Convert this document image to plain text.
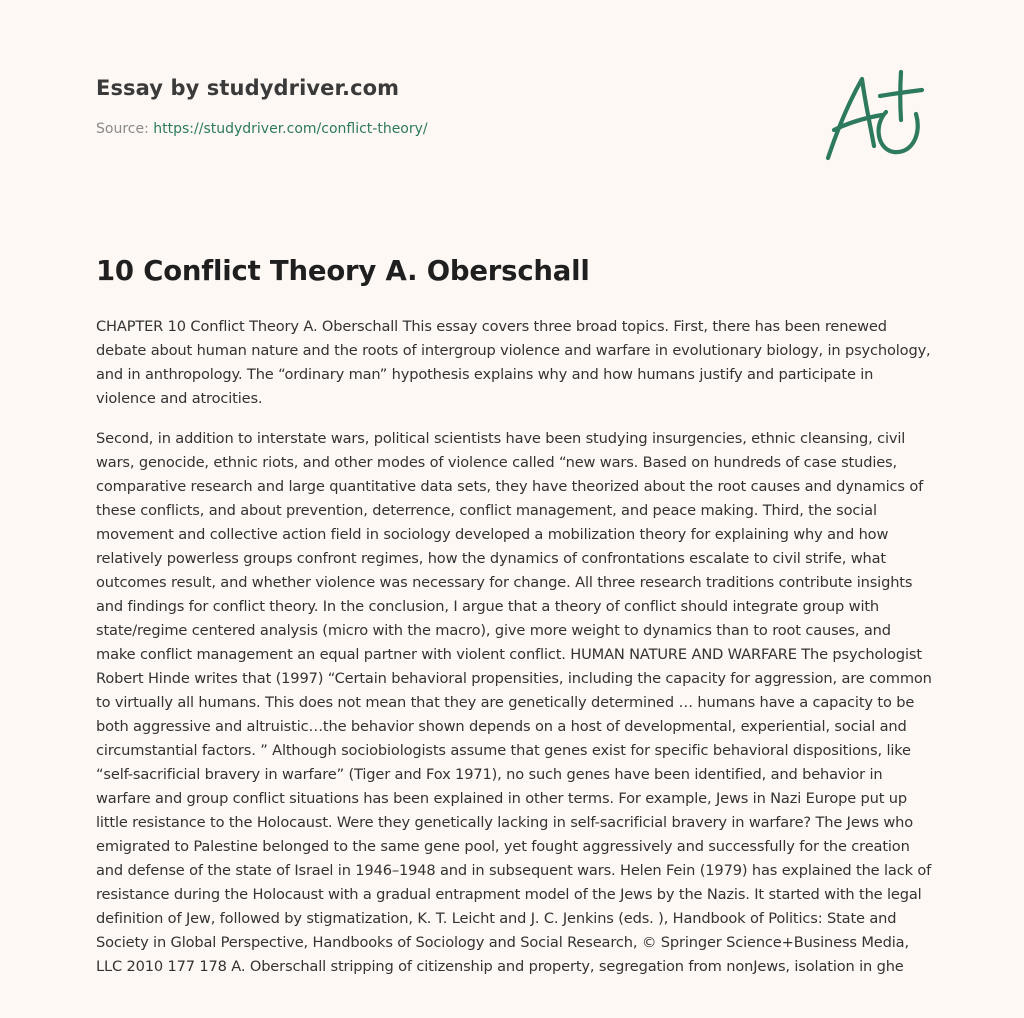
Essay by studydriver.com
Source: https://studydriver.com/conflict-theory/
10 Conflict Theory A. Oberschall

CHAPTER 10 Conflict Theory A. Oberschall This essay covers three broad topics. First, there has been renewed debate about human nature and the roots of intergroup violence and warfare in evolutionary biology, in psychology, and in anthropology. The “ordinary man” hypothesis explains why and how humans justify and participate in violence and atrocities.

Second, in addition to interstate wars, political scientists have been studying insurgencies, ethnic cleansing, civil wars, genocide, ethnic riots, and other modes of violence called “new wars. Based on hundreds of case studies, comparative research and large quantitative data sets, they have theorized about the root causes and dynamics of these conflicts, and about prevention, deterrence, conflict management, and peace making. Third, the social movement and collective action field in sociology developed a mobilization theory for explaining why and how relatively powerless groups confront regimes, how the dynamics of confrontations escalate to civil strife, what outcomes result, and whether violence was necessary for change. All three research traditions contribute insights and findings for conflict theory. In the conclusion, I argue that a theory of conflict should integrate group with state/regime centered analysis (micro with the macro), give more weight to dynamics than to root causes, and make conflict management an equal partner with violent conflict. HUMAN NATURE AND WARFARE The psychologist Robert Hinde writes that (1997) “Certain behavioral propensities, including the capacity for aggression, are common to virtually all humans. This does not mean that they are genetically determined … humans have a capacity to be both aggressive and altruistic…the behavior shown depends on a host of developmental, experiential, social and circumstantial factors. ” Although sociobiologists assume that genes exist for specific behavioral dispositions, like “self-sacrificial bravery in warfare” (Tiger and Fox 1971), no such genes have been identified, and behavior in warfare and group conflict situations has been explained in other terms. For example, Jews in Nazi Europe put up little resistance to the Holocaust. Were they genetically lacking in self-sacrificial bravery in warfare? The Jews who emigrated to Palestine belonged to the same gene pool, yet fought aggressively and successfully for the creation and defense of the state of Israel in 1946–1948 and in subsequent wars. Helen Fein (1979) has explained the lack of resistance during the Holocaust with a gradual entrapment model of the Jews by the Nazis. It started with the legal definition of Jew, followed by stigmatization, K. T. Leicht and J. C. Jenkins (eds. ), Handbook of Politics: State and Society in Global Perspective, Handbooks of Sociology and Social Research, © Springer Science+Business Media, LLC 2010 177 178 A. Oberschall stripping of citizenship and property, segregation from nonJews, isolation in ghe
